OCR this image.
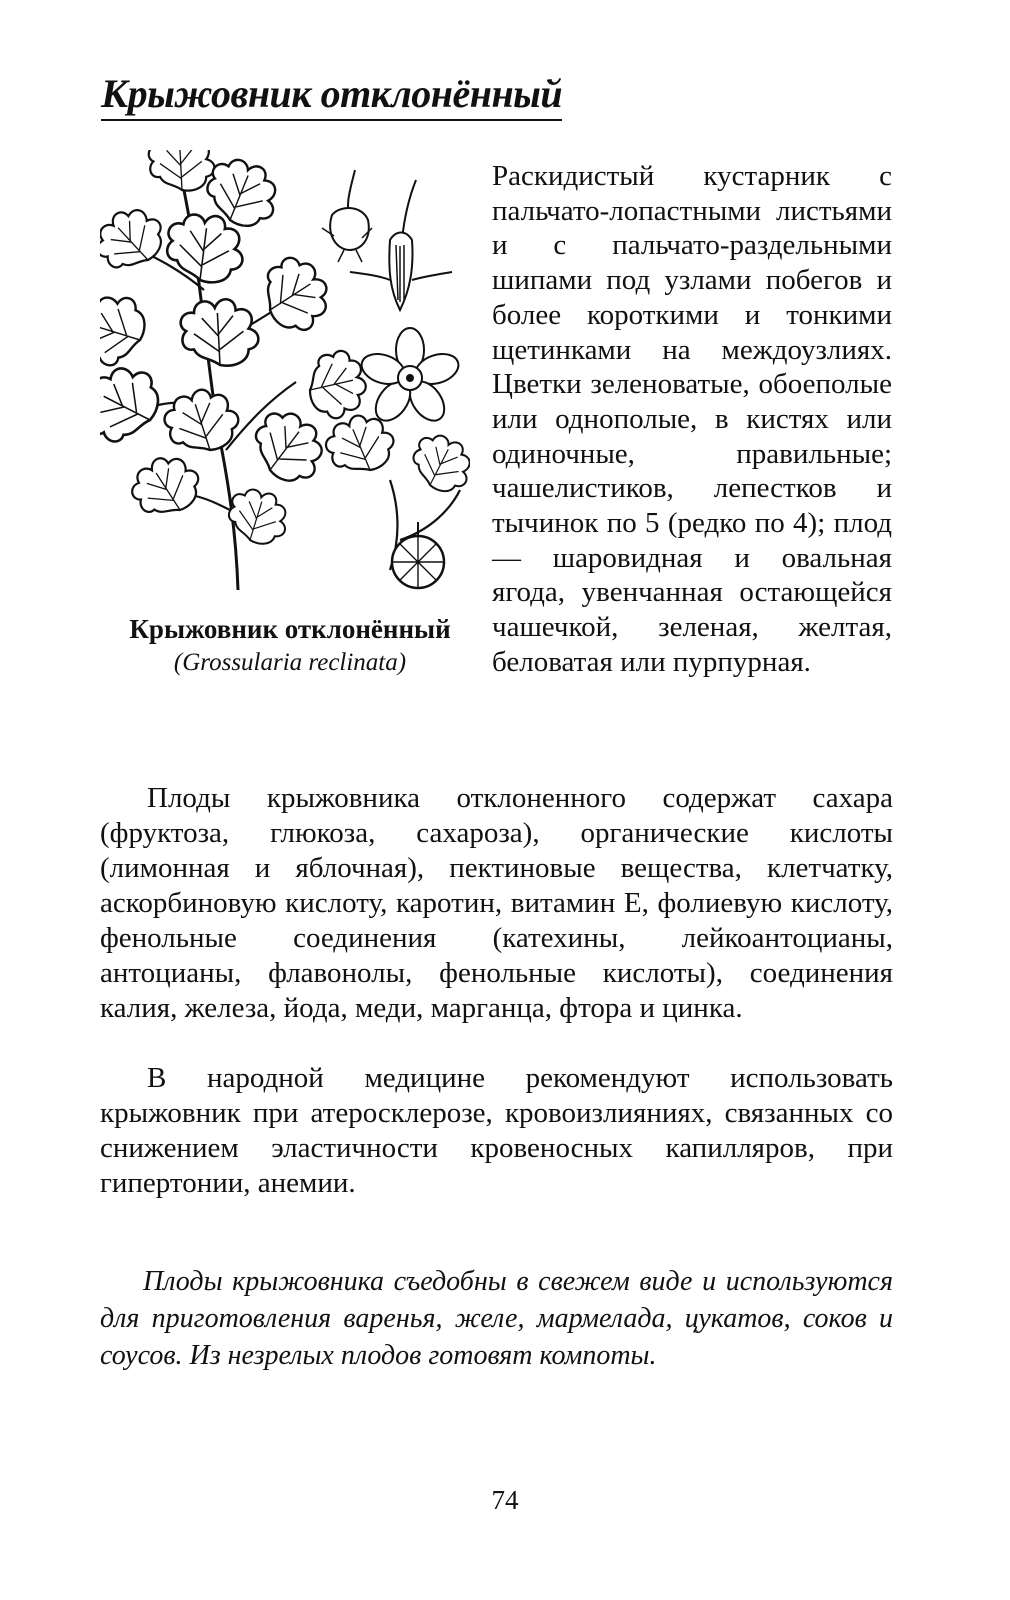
Крыжовник отклонённый
Крыжовник отклонённый
(Grossularia reclinata)
Раскидистый кустарник с пальчато-лопастными листьями и с пальчато-раздельными шипами под узлами побегов и более короткими и тонкими щетинками на междоузлиях. Цветки зеленоватые, обоеполые или однополые, в кистях или одиночные, правильные; чашелистиков, лепестков и тычинок по 5 (редко по 4); плод — шаровидная и овальная ягода, увенчанная остающейся чашечкой, зеленая, желтая, беловатая или пурпурная.

Плоды крыжовника отклоненного содержат сахара (фруктоза, глюкоза, сахароза), органические кислоты (лимонная и яблочная), пектиновые вещества, клетчатку, аскорбиновую кислоту, каротин, витамин Е, фолиевую кислоту, фенольные соединения (катехины, лейкоантоцианы, антоцианы, флавонолы, фенольные кислоты), соединения калия, железа, йода, меди, марганца, фтора и цинка.

В народной медицине рекомендуют использовать крыжовник при атеросклерозе, кровоизлияниях, связанных со снижением эластичности кровеносных капилляров, при гипертонии, анемии.

Плоды крыжовника съедобны в свежем виде и используются для приготовления варенья, желе, мармелада, цукатов, соков и соусов. Из незрелых плодов готовят компоты.

74
